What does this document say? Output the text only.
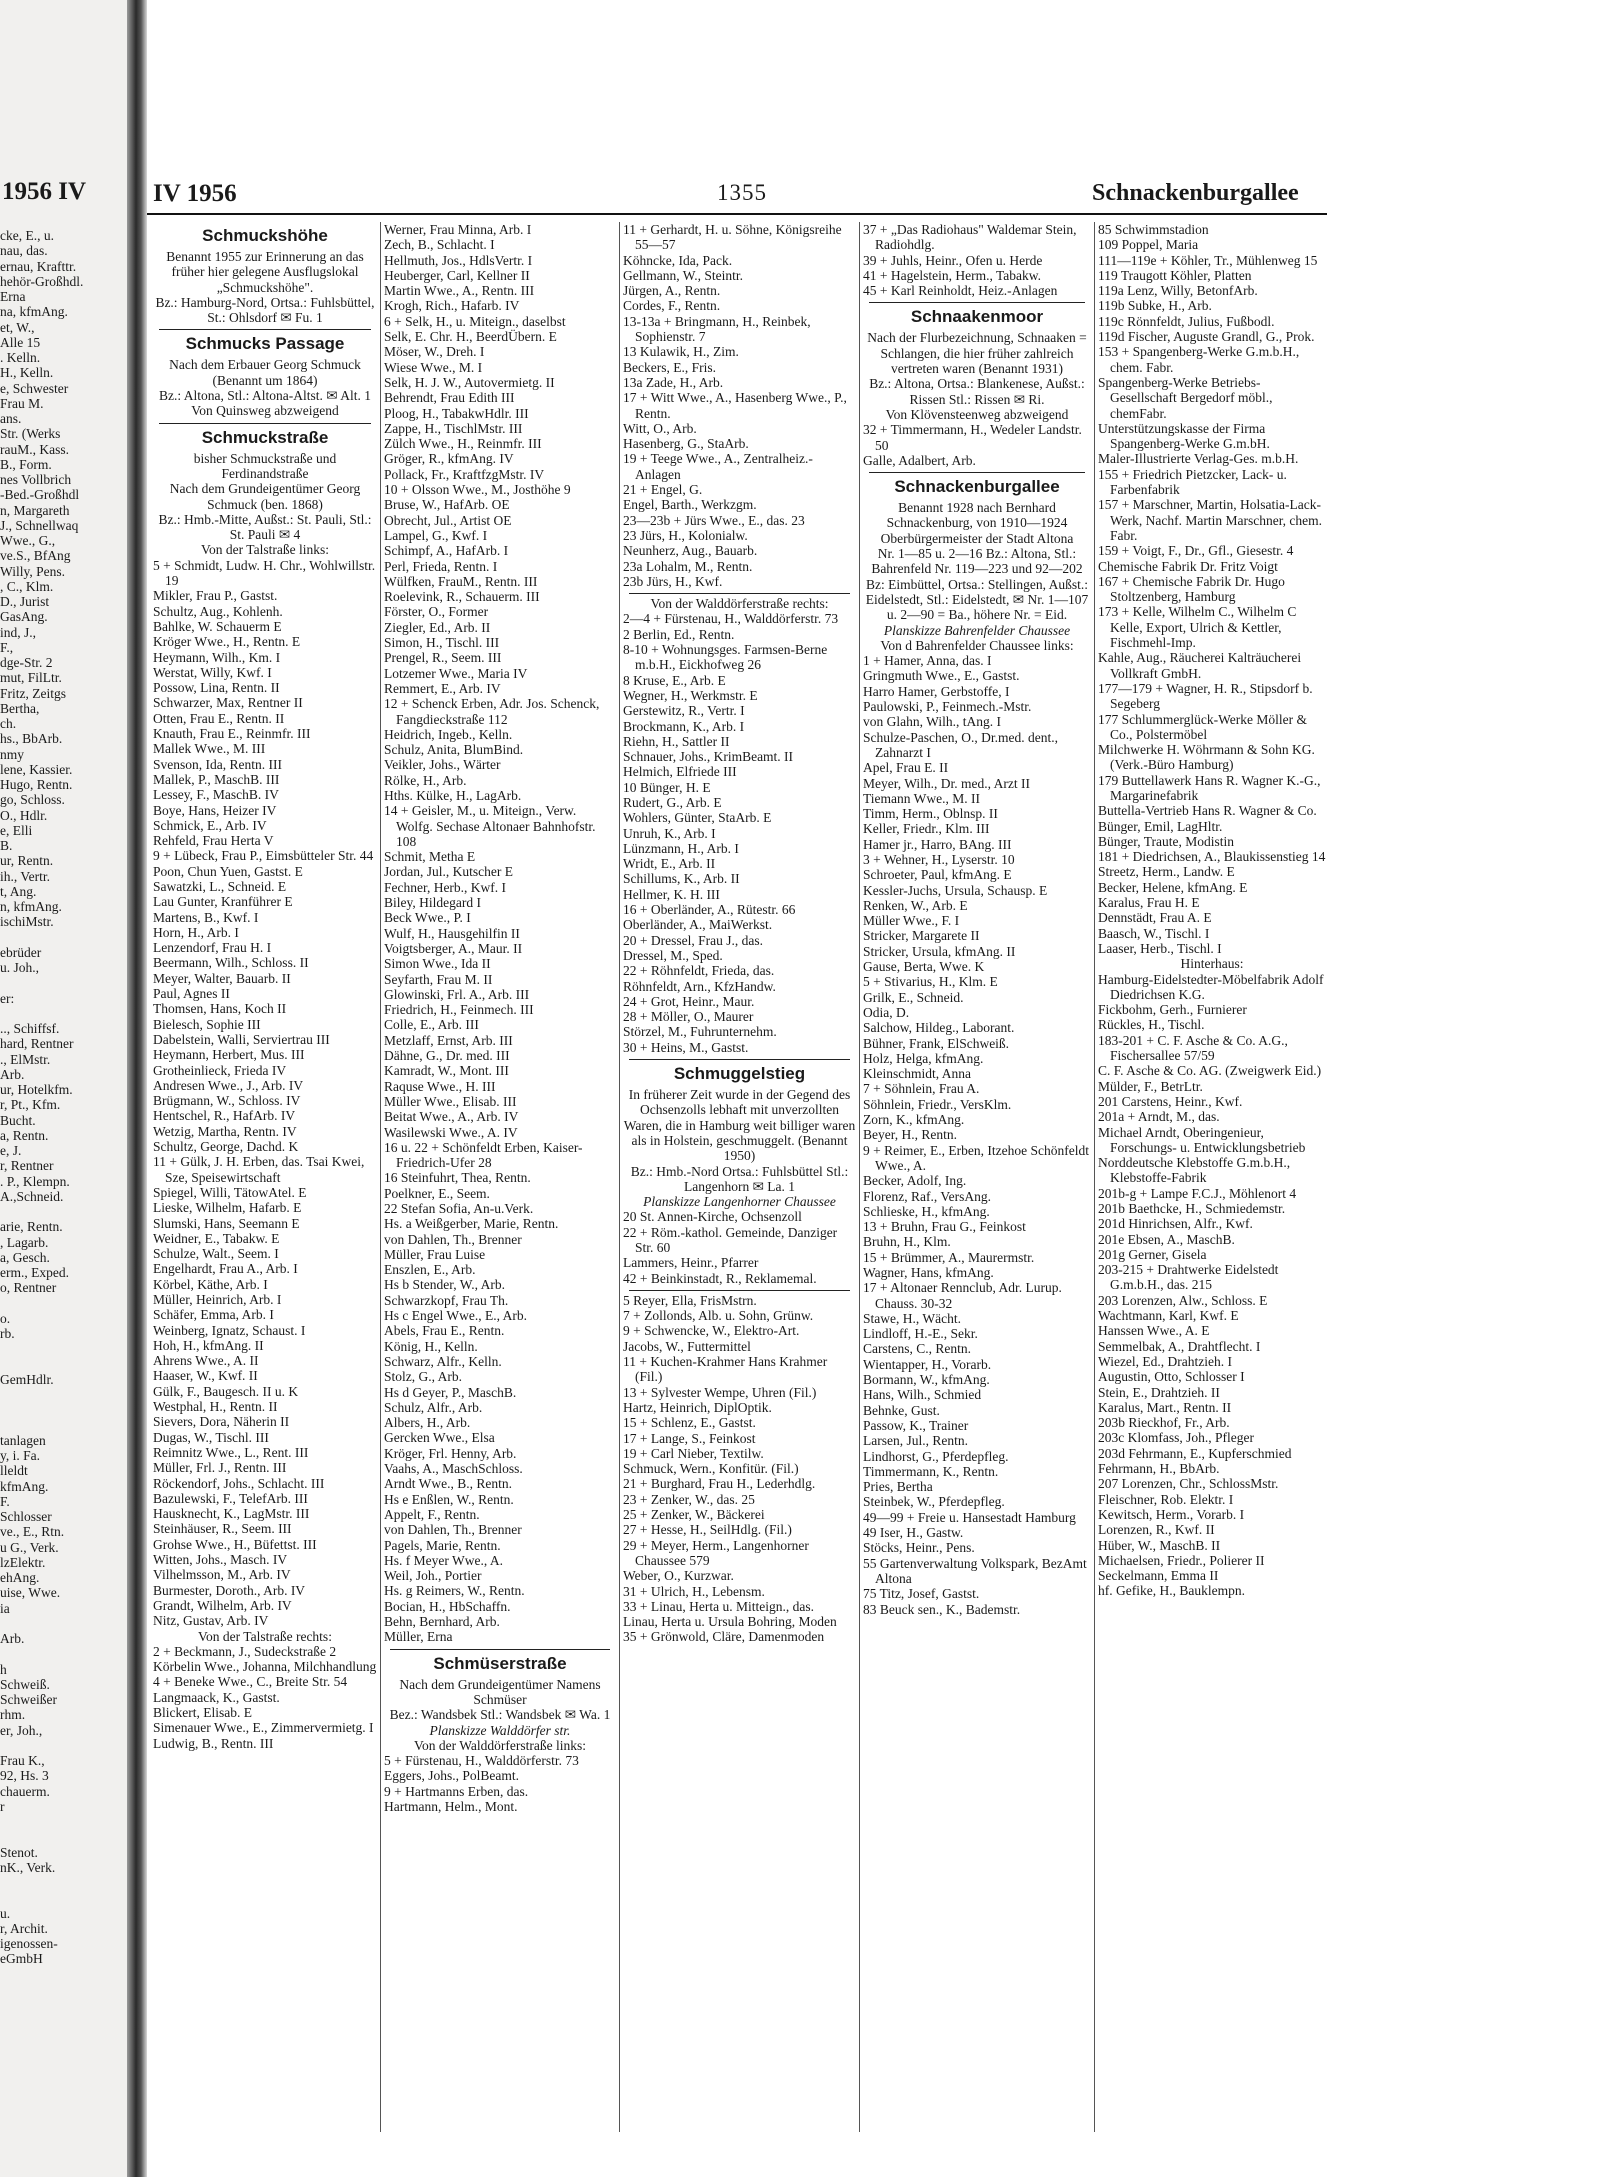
1956 IV
cke, E., u.
nau, das.
ernau, Krafttr.
hehör-Großhdl.
Erna
na, kfmAng.
et, W.,
Alle 15
. Kelln.
H., Kelln.
e, Schwester
Frau M.
ans.
Str. (Werks
rauM., Kass.
B., Form.
nes Vollbrich
-Bed.-Großhdl
n, Margareth
J., Schnellwaq
Wwe., G.,
ve.S., BfAng
Willy, Pens.
, C., Klm.
D., Jurist
GasAng.
ind, J.,
F.,
dge-Str. 2
mut, FilLtr.
Fritz, Zeitgs
Bertha,
ch.
hs., BbArb.
nmy
lene, Kassier.
Hugo, Rentn.
go, Schloss.
O., Hdlr.
e, Elli
B.
ur, Rentn.
ih., Vertr.
t, Ang.
n, kfmAng.
ischiMstr.
ebrüder
u. Joh.,
er:
.., Schiffsf.
hard, Rentner
., ElMstr.
Arb.
ur, Hotelkfm.
r, Pt., Kfm.
Bucht.
a, Rentn.
e, J.
r, Rentner
. P., Klempn.
A.,Schneid.
arie, Rentn.
, Lagarb.
a, Gesch.
erm., Exped.
o, Rentner
o.
rb.
GemHdlr.
tanlagen
y, i. Fa.
lleldt
kfmAng.
F.
Schlosser
ve., E., Rtn.
u G., Verk.
lzElektr.
ehAng.
uise, Wwe.
ia
Arb.
h
Schweiß.
Schweißer
rhm.
er, Joh.,
Frau K.,
92, Hs. 3
chauerm.
r
Stenot.
nK., Verk.
u.
r, Archit.
igenossen-
eGmbH
IV 1956	1355	Schnackenburgallee
Schmuckshöhe
Benannt 1955 zur Erinnerung an das früher hier gelegene Ausflugslokal „Schmuckshöhe".
Bz.: Hamburg-Nord, Ortsa.: Fuhlsbüttel, St.: Ohlsdorf ✉ Fu. 1
Schmucks Passage
Nach dem Erbauer Georg Schmuck (Benannt um 1864)
Bz.: Altona, Stl.: Altona-Altst. ✉ Alt. 1
Von Quinsweg abzweigend
Schmuckstraße
bisher Schmuckstraße und Ferdinandstraße
Nach dem Grundeigentümer Georg Schmuck (ben. 1868)
Bz.: Hmb.-Mitte, Außst.: St. Pauli, Stl.: St. Pauli ✉ 4
Von der Talstraße links:
5 + Schmidt, Ludw. H. Chr., Wohlwillstr. 19
Mikler, Frau P., Gastst.
Schultz, Aug., Kohlenh.
Bahlke, W. Schauerm E
Kröger Wwe., H., Rentn. E
Heymann, Wilh., Km. I
Werstat, Willy, Kwf. I
Possow, Lina, Rentn. II
Schwarzer, Max, Rentner II
Otten, Frau E., Rentn. II
Knauth, Frau E., Reinmfr. III
Mallek Wwe., M. III
Svenson, Ida, Rentn. III
Mallek, P., MaschB. III
Lessey, F., MaschB. IV
Boye, Hans, Heizer IV
Schmick, E., Arb. IV
Rehfeld, Frau Herta V
9 + Lübeck, Frau P., Eimsbütteler Str. 44
Poon, Chun Yuen, Gastst. E
Sawatzki, L., Schneid. E
Lau Gunter, Kranführer E
Martens, B., Kwf. I
Horn, H., Arb. I
Lenzendorf, Frau H. I
Beermann, Wilh., Schloss. II
Meyer, Walter, Bauarb. II
Paul, Agnes II
Thomsen, Hans, Koch II
Bielesch, Sophie III
Dabelstein, Walli, Serviertrau III
Heymann, Herbert, Mus. III
Grotheinlieck, Frieda IV
Andresen Wwe., J., Arb. IV
Brügmann, W., Schloss. IV
Hentschel, R., HafArb. IV
Wetzig, Martha, Rentn. IV
Schultz, George, Dachd. K
11 + Gülk, J. H. Erben, das. Tsai Kwei, Sze, Speisewirtschaft
Spiegel, Willi, TätowAtel. E
Lieske, Wilhelm, Hafarb. E
Slumski, Hans, Seemann E
Weidner, E., Tabakw. E
Schulze, Walt., Seem. I
Engelhardt, Frau A., Arb. I
Körbel, Käthe, Arb. I
Müller, Heinrich, Arb. I
Schäfer, Emma, Arb. I
Weinberg, Ignatz, Schaust. I
Hoh, H., kfmAng. II
Ahrens Wwe., A. II
Haaser, W., Kwf. II
Gülk, F., Baugesch. II u. K
Westphal, H., Rentn. II
Sievers, Dora, Näherin II
Dugas, W., Tischl. III
Reimnitz Wwe., L., Rent. III
Müller, Frl. J., Rentn. III
Röckendorf, Johs., Schlacht. III
Bazulewski, F., TelefArb. III
Hausknecht, K., LagMstr. III
Steinhäuser, R., Seem. III
Grohse Wwe., H., Büfettst. III
Witten, Johs., Masch. IV
Vilhelmsson, M., Arb. IV
Burmester, Doroth., Arb. IV
Grandt, Wilhelm, Arb. IV
Nitz, Gustav, Arb. IV
Von der Talstraße rechts:
2 + Beckmann, J., Sudeckstraße 2
Körbelin Wwe., Johanna, Milchhandlung
4 + Beneke Wwe., C., Breite Str. 54
Langmaack, K., Gastst.
Blickert, Elisab. E
Simenauer Wwe., E., Zimmervermietg. I
Ludwig, B., Rentn. III
Werner, Frau Minna, Arb. I
Zech, B., Schlacht. I
Hellmuth, Jos., HdlsVertr. I
Heuberger, Carl, Kellner II
Martin Wwe., A., Rentn. III
Krogh, Rich., Hafarb. IV
6 + Selk, H., u. Miteign., daselbst
Selk, E. Chr. H., BeerdÜbern. E
Möser, W., Dreh. I
Wiese Wwe., M. I
Selk, H. J. W., Autovermietg. II
Behrendt, Frau Edith III
Ploog, H., TabakwHdlr. III
Zappe, H., TischlMstr. III
Zülch Wwe., H., Reinmfr. III
Gröger, R., kfmAng. IV
Pollack, Fr., KraftfzgMstr. IV
10 + Olsson Wwe., M., Josthöhe 9
Bruse, W., HafArb. OE
Obrecht, Jul., Artist OE
Lampel, G., Kwf. I
Schimpf, A., HafArb. I
Perl, Frieda, Rentn. I
Wülfken, FrauM., Rentn. III
Roelevink, R., Schauerm. III
Förster, O., Former
Ziegler, Ed., Arb. II
Simon, H., Tischl. III
Prengel, R., Seem. III
Lotzemer Wwe., Maria IV
Remmert, E., Arb. IV
12 + Schenck Erben, Adr. Jos. Schenck, Fangdieckstraße 112
Heidrich, Ingeb., Kelln.
Schulz, Anita, BlumBind.
Veikler, Johs., Wärter
Rölke, H., Arb.
Hths. Külke, H., LagArb.
14 + Geisler, M., u. Miteign., Verw. Wolfg. Sechase Altonaer Bahnhofstr. 108
Schmit, Metha E
Jordan, Jul., Kutscher E
Fechner, Herb., Kwf. I
Biley, Hildegard I
Beck Wwe., P. I
Wulf, H., Hausgehilfin II
Voigtsberger, A., Maur. II
Simon Wwe., Ida II
Seyfarth, Frau M. II
Glowinski, Frl. A., Arb. III
Friedrich, H., Feinmech. III
Colle, E., Arb. III
Metzlaff, Ernst, Arb. III
Dähne, G., Dr. med. III
Kamradt, W., Mont. III
Raquse Wwe., H. III
Müller Wwe., Elisab. III
Beitat Wwe., A., Arb. IV
Wasilewski Wwe., A. IV
16 u. 22 + Schönfeldt Erben, Kaiser-Friedrich-Ufer 28
16 Steinfuhrt, Thea, Rentn.
Poelkner, E., Seem.
22 Stefan Sofia, An-u.Verk.
Hs. a Weißgerber, Marie, Rentn.
von Dahlen, Th., Brenner
Müller, Frau Luise
Enszlen, E., Arb.
Hs b Stender, W., Arb.
Schwarzkopf, Frau Th.
Hs c Engel Wwe., E., Arb.
Abels, Frau E., Rentn.
König, H., Kelln.
Schwarz, Alfr., Kelln.
Stolz, G., Arb.
Hs d Geyer, P., MaschB.
Schulz, Alfr., Arb.
Albers, H., Arb.
Gercken Wwe., Elsa
Kröger, Frl. Henny, Arb.
Vaahs, A., MaschSchloss.
Arndt Wwe., B., Rentn.
Hs e Enßlen, W., Rentn.
Appelt, F., Rentn.
von Dahlen, Th., Brenner
Pagels, Marie, Rentn.
Hs. f Meyer Wwe., A.
Weil, Joh., Portier
Hs. g Reimers, W., Rentn.
Bocian, H., HbSchaffn.
Behn, Bernhard, Arb.
Müller, Erna
Schmüserstraße
Nach dem Grundeigentümer Namens Schmüser
Bez.: Wandsbek Stl.: Wandsbek ✉ Wa. 1
Planskizze Walddörfer str.
Von der Walddörferstraße links:
5 + Fürstenau, H., Walddörferstr. 73
Eggers, Johs., PolBeamt.
9 + Hartmanns Erben, das.
Hartmann, Helm., Mont.
11 + Gerhardt, H. u. Söhne, Königsreihe 55—57
Köhncke, Ida, Pack.
Gellmann, W., Steintr.
Jürgen, A., Rentn.
Cordes, F., Rentn.
13-13a + Bringmann, H., Reinbek, Sophienstr. 7
13 Kulawik, H., Zim.
Beckers, E., Fris.
13a Zade, H., Arb.
17 + Witt Wwe., A., Hasenberg Wwe., P., Rentn.
Witt, O., Arb.
Hasenberg, G., StaArb.
19 + Teege Wwe., A., Zentralheiz.-Anlagen
21 + Engel, G.
Engel, Barth., Werkzgm.
23—23b + Jürs Wwe., E., das. 23
23 Jürs, H., Kolonialw.
Neunherz, Aug., Bauarb.
23a Lohalm, M., Rentn.
23b Jürs, H., Kwf.
Von der Walddörferstraße rechts:
2—4 + Fürstenau, H., Walddörferstr. 73
2 Berlin, Ed., Rentn.
8-10 + Wohnungsges. Farmsen-Berne m.b.H., Eickhofweg 26
8 Kruse, E., Arb. E
Wegner, H., Werkmstr. E
Gerstewitz, R., Vertr. I
Brockmann, K., Arb. I
Riehn, H., Sattler II
Schnauer, Johs., KrimBeamt. II
Helmich, Elfriede III
10 Bünger, H. E
Rudert, G., Arb. E
Wohlers, Günter, StaArb. E
Unruh, K., Arb. I
Lünzmann, H., Arb. I
Wridt, E., Arb. II
Schillums, K., Arb. II
Hellmer, K. H. III
16 + Oberländer, A., Rütestr. 66
Oberländer, A., MaiWerkst.
20 + Dressel, Frau J., das.
Dressel, M., Sped.
22 + Röhnfeldt, Frieda, das.
Röhnfeldt, Arn., KfzHandw.
24 + Grot, Heinr., Maur.
28 + Möller, O., Maurer
Störzel, M., Fuhrunternehm.
30 + Heins, M., Gastst.
Schmuggelstieg
In früherer Zeit wurde in der Gegend des Ochsenzolls lebhaft mit unverzollten Waren, die in Hamburg weit billiger waren als in Holstein, geschmuggelt. (Benannt 1950)
Bz.: Hmb.-Nord Ortsa.: Fuhlsbüttel Stl.: Langenhorn ✉ La. 1
Planskizze Langenhorner Chaussee
20 St. Annen-Kirche, Ochsenzoll
22 + Röm.-kathol. Gemeinde, Danziger Str. 60
Lammers, Heinr., Pfarrer
42 + Beinkinstadt, R., Reklamemal.
5 Reyer, Ella, FrisMstrn.
7 + Zollonds, Alb. u. Sohn, Grünw.
9 + Schwencke, W., Elektro-Art.
Jacobs, W., Futtermittel
11 + Kuchen-Krahmer Hans Krahmer (Fil.)
13 + Sylvester Wempe, Uhren (Fil.)
Hartz, Heinrich, DiplOptik.
15 + Schlenz, E., Gastst.
17 + Lange, S., Feinkost
19 + Carl Nieber, Textilw.
Schmuck, Wern., Konfitür. (Fil.)
21 + Burghard, Frau H., Lederhdlg.
23 + Zenker, W., das. 25
25 + Zenker, W., Bäckerei
27 + Hesse, H., SeilHdlg. (Fil.)
29 + Meyer, Herm., Langenhorner Chaussee 579
Weber, O., Kurzwar.
31 + Ulrich, H., Lebensm.
33 + Linau, Herta u. Mitteign., das.
Linau, Herta u. Ursula Bohring, Moden
35 + Grönwold, Cläre, Damenmoden
37 + „Das Radiohaus" Waldemar Stein, Radiohdlg.
39 + Juhls, Heinr., Ofen u. Herde
41 + Hagelstein, Herm., Tabakw.
45 + Karl Reinholdt, Heiz.-Anlagen
Schnaakenmoor
Nach der Flurbezeichnung, Schnaaken = Schlangen, die hier früher zahlreich vertreten waren (Benannt 1931)
Bz.: Altona, Ortsa.: Blankenese, Außst.: Rissen Stl.: Rissen ✉ Ri.
Von Klövensteenweg abzweigend
32 + Timmermann, H., Wedeler Landstr. 50
Galle, Adalbert, Arb.
Schnackenburgallee
Benannt 1928 nach Bernhard Schnackenburg, von 1910—1924 Oberbürgermeister der Stadt Altona
Nr. 1—85 u. 2—16 Bz.: Altona, Stl.: Bahrenfeld Nr. 119—223 und 92—202 Bz: Eimbüttel, Ortsa.: Stellingen, Außst.: Eidelstedt, Stl.: Eidelstedt, ✉ Nr. 1—107 u. 2—90 = Ba., höhere Nr. = Eid.
Planskizze Bahrenfelder Chaussee
Von d Bahrenfelder Chaussee links:
1 + Hamer, Anna, das. I
Gringmuth Wwe., E., Gastst.
Harro Hamer, Gerbstoffe, I
Paulowski, P., Feinmech.-Mstr.
von Glahn, Wilh., tAng. I
Schulze-Paschen, O., Dr.med. dent., Zahnarzt I
Apel, Frau E. II
Meyer, Wilh., Dr. med., Arzt II
Tiemann Wwe., M. II
Timm, Herm., Oblnsp. II
Keller, Friedr., Klm. III
Hamer jr., Harro, BAng. III
3 + Wehner, H., Lyserstr. 10
Schroeter, Paul, kfmAng. E
Kessler-Juchs, Ursula, Schausp. E
Renken, W., Arb. E
Müller Wwe., F. I
Stricker, Margarete II
Stricker, Ursula, kfmAng. II
Gause, Berta, Wwe. K
5 + Stivarius, H., Klm. E
Grilk, E., Schneid.
Odia, D.
Salchow, Hildeg., Laborant.
Bühner, Frank, ElSchweiß.
Holz, Helga, kfmAng.
Kleinschmidt, Anna
7 + Söhnlein, Frau A.
Söhnlein, Friedr., VersKlm.
Zorn, K., kfmAng.
Beyer, H., Rentn.
9 + Reimer, E., Erben, Itzehoe Schönfeldt Wwe., A.
Becker, Adolf, Ing.
Florenz, Raf., VersAng.
Schlieske, H., kfmAng.
13 + Bruhn, Frau G., Feinkost
Bruhn, H., Klm.
15 + Brümmer, A., Maurermstr.
Wagner, Hans, kfmAng.
17 + Altonaer Rennclub, Adr. Lurup. Chauss. 30-32
Stawe, H., Wächt.
Lindloff, H.-E., Sekr.
Carstens, C., Rentn.
Wientapper, H., Vorarb.
Bormann, W., kfmAng.
Hans, Wilh., Schmied
Behnke, Gust.
Passow, K., Trainer
Larsen, Jul., Rentn.
Lindhorst, G., Pferdepfleg.
Timmermann, K., Rentn.
Pries, Bertha
Steinbek, W., Pferdepfleg.
49—99 + Freie u. Hansestadt Hamburg
49 Iser, H., Gastw.
Stöcks, Heinr., Pens.
55 Gartenverwaltung Volkspark, BezAmt Altona
75 Titz, Josef, Gastst.
83 Beuck sen., K., Bademstr.
85 Schwimmstadion
109 Poppel, Maria
111—119e + Köhler, Tr., Mühlenweg 15
119 Traugott Köhler, Platten
119a Lenz, Willy, BetonfArb.
119b Subke, H., Arb.
119c Rönnfeldt, Julius, Fußbodl.
119d Fischer, Auguste Grandl, G., Prok.
153 + Spangenberg-Werke G.m.b.H., chem. Fabr.
Spangenberg-Werke Betriebs-Gesellschaft Bergedorf möbl., chemFabr.
Unterstützungskasse der Firma Spangenberg-Werke G.m.bH.
Maler-Illustrierte Verlag-Ges. m.b.H.
155 + Friedrich Pietzcker, Lack- u. Farbenfabrik
157 + Marschner, Martin, Holsatia-Lack-Werk, Nachf. Martin Marschner, chem. Fabr.
159 + Voigt, F., Dr., Gfl., Giesestr. 4
Chemische Fabrik Dr. Fritz Voigt
167 + Chemische Fabrik Dr. Hugo Stoltzenberg, Hamburg
173 + Kelle, Wilhelm C., Wilhelm C Kelle, Export, Ulrich & Kettler, Fischmehl-Imp.
Kahle, Aug., Räucherei Kalträucherei Vollkraft GmbH.
177—179 + Wagner, H. R., Stipsdorf b. Segeberg
177 Schlummerglück-Werke Möller & Co., Polstermöbel
Milchwerke H. Wöhrmann & Sohn KG. (Verk.-Büro Hamburg)
179 Buttellawerk Hans R. Wagner K.-G., Margarinefabrik
Buttella-Vertrieb Hans R. Wagner & Co.
Bünger, Emil, LagHltr.
Bünger, Traute, Modistin
181 + Diedrichsen, A., Blaukissenstieg 14
Streetz, Herm., Landw. E
Becker, Helene, kfmAng. E
Karalus, Frau H. E
Dennstädt, Frau A. E
Baasch, W., Tischl. I
Laaser, Herb., Tischl. I
Hinterhaus:
Hamburg-Eidelstedter-Möbelfabrik Adolf Diedrichsen K.G.
Fickbohm, Gerh., Furnierer
Rückles, H., Tischl.
183-201 + C. F. Asche & Co. A.G., Fischersallee 57/59
C. F. Asche & Co. AG. (Zweigwerk Eid.)
Mülder, F., BetrLtr.
201 Carstens, Heinr., Kwf.
201a + Arndt, M., das.
Michael Arndt, Oberingenieur, Forschungs- u. Entwicklungsbetrieb
Norddeutsche Klebstoffe G.m.b.H., Klebstoffe-Fabrik
201b-g + Lampe F.C.J., Möhlenort 4
201b Baethcke, H., Schmiedemstr.
201d Hinrichsen, Alfr., Kwf.
201e Ebsen, A., MaschB.
201g Gerner, Gisela
203-215 + Drahtwerke Eidelstedt G.m.b.H., das. 215
203 Lorenzen, Alw., Schloss. E
Wachtmann, Karl, Kwf. E
Hanssen Wwe., A. E
Semmelbak, A., Drahtflecht. I
Wiezel, Ed., Drahtzieh. I
Augustin, Otto, Schlosser I
Stein, E., Drahtzieh. II
Karalus, Mart., Rentn. II
203b Rieckhof, Fr., Arb.
203c Klomfass, Joh., Pfleger
203d Fehrmann, E., Kupferschmied
Fehrmann, H., BbArb.
207 Lorenzen, Chr., SchlossMstr.
Fleischner, Rob. Elektr. I
Kewitsch, Herm., Vorarb. I
Lorenzen, R., Kwf. II
Hüber, W., MaschB. II
Michaelsen, Friedr., Polierer II
Seckelmann, Emma II
hf. Gefike, H., Bauklempn.
